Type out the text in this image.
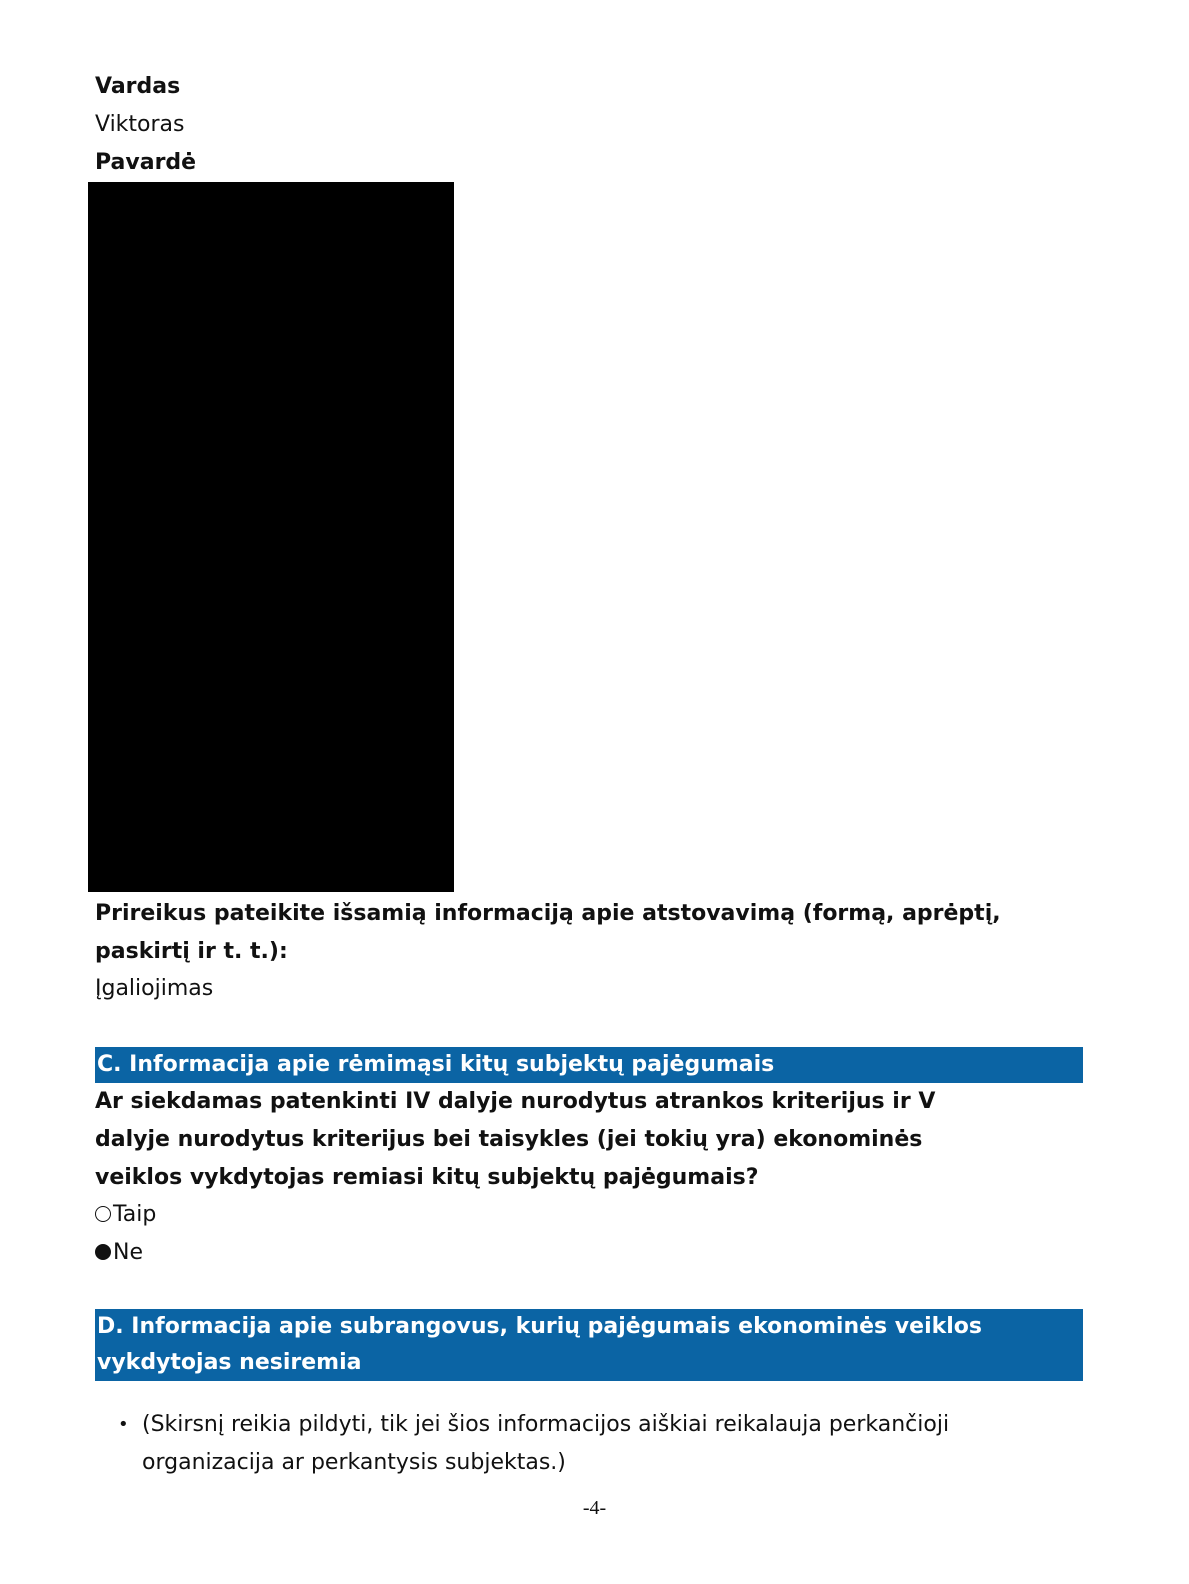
Vardas
Viktoras
Pavardė

Prireikus pateikite išsamią informaciją apie atstovavimą (formą, aprėptį, paskirtį ir t. t.):

Įgaliojimas
C. Informacija apie rėmimąsi kitų subjektų pajėgumais

Ar siekdamas patenkinti IV dalyje nurodytus atrankos kriterijus ir V dalyje nurodytus kriterijus bei taisykles (jei tokių yra) ekonominės veiklos vykdytojas remiasi kitų subjektų pajėgumais?

Taip
Ne
D. Informacija apie subrangovus, kurių pajėgumais ekonominės veiklos vykdytojas nesiremia
• (Skirsnį reikia pildyti, tik jei šios informacijos aiškiai reikalauja perkančioji organizacija ar perkantysis subjektas.)
-4-
